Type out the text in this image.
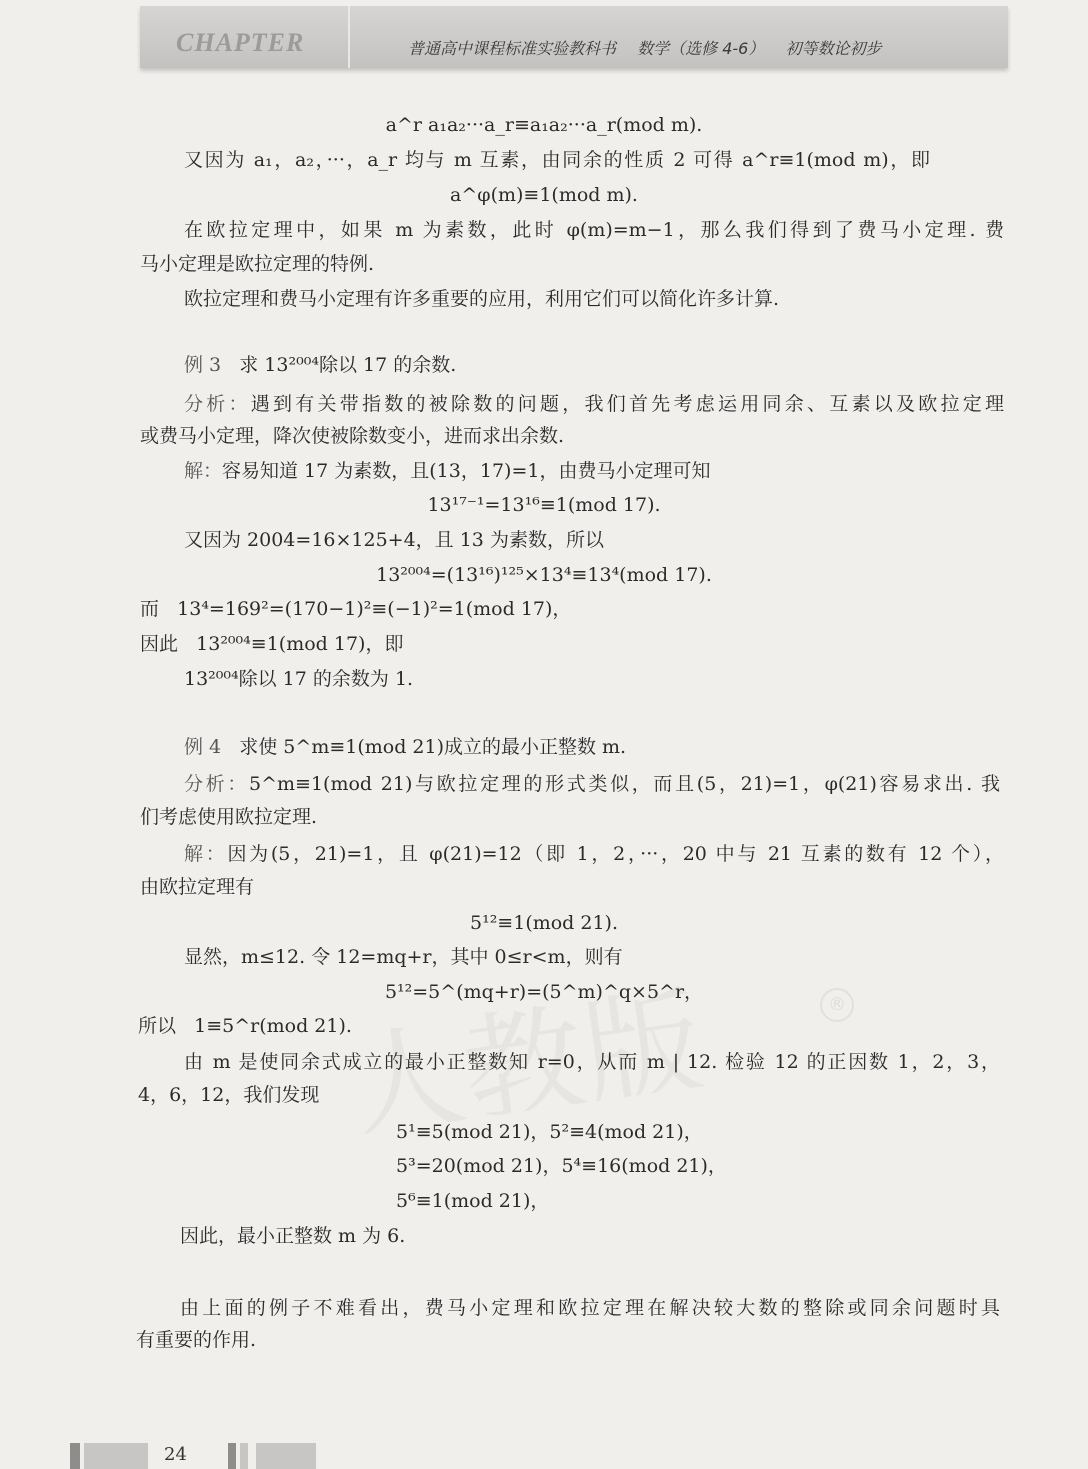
CHAPTER	普通高中课程标准实验教科书 数学（选修 4-6） 初等数论初步
®
a^r a₁a₂···a_r≡a₁a₂···a_r(mod m).
又因为 a₁，a₂，···，a_r 均与 m 互素，由同余的性质 2 可得 a^r≡1(mod m)，即
a^φ(m)≡1(mod m).
在欧拉定理中，如果 m 为素数，此时 φ(m)=m−1，那么我们得到了费马小定理. 费
马小定理是欧拉定理的特例.
欧拉定理和费马小定理有许多重要的应用，利用它们可以简化许多计算.
例 3 求 13²⁰⁰⁴除以 17 的余数.
分析：遇到有关带指数的被除数的问题，我们首先考虑运用同余、互素以及欧拉定理
或费马小定理，降次使被除数变小，进而求出余数.
解：容易知道 17 为素数，且(13，17)=1，由费马小定理可知
13¹⁷⁻¹=13¹⁶≡1(mod 17).
又因为 2004=16×125+4，且 13 为素数，所以
13²⁰⁰⁴=(13¹⁶)¹²⁵×13⁴≡13⁴(mod 17).
而 13⁴=169²=(170−1)²≡(−1)²=1(mod 17)，
因此 13²⁰⁰⁴≡1(mod 17)，即
13²⁰⁰⁴除以 17 的余数为 1.
例 4 求使 5^m≡1(mod 21)成立的最小正整数 m.
分析：5^m≡1(mod 21)与欧拉定理的形式类似，而且(5，21)=1，φ(21)容易求出. 我
们考虑使用欧拉定理.
解：因为(5，21)=1，且 φ(21)=12（即 1，2，···，20 中与 21 互素的数有 12 个），
由欧拉定理有
5¹²≡1(mod 21).
显然，m≤12. 令 12=mq+r，其中 0≤r<m，则有
5¹²=5^(mq+r)=(5^m)^q×5^r，
所以 1≡5^r(mod 21).
由 m 是使同余式成立的最小正整数知 r=0，从而 m | 12. 检验 12 的正因数 1，2，3，
4，6，12，我们发现
5¹≡5(mod 21)，5²≡4(mod 21)，
5³=20(mod 21)，5⁴≡16(mod 21)，
5⁶≡1(mod 21)，
因此，最小正整数 m 为 6.
由上面的例子不难看出，费马小定理和欧拉定理在解决较大数的整除或同余问题时具
有重要的作用.
24
